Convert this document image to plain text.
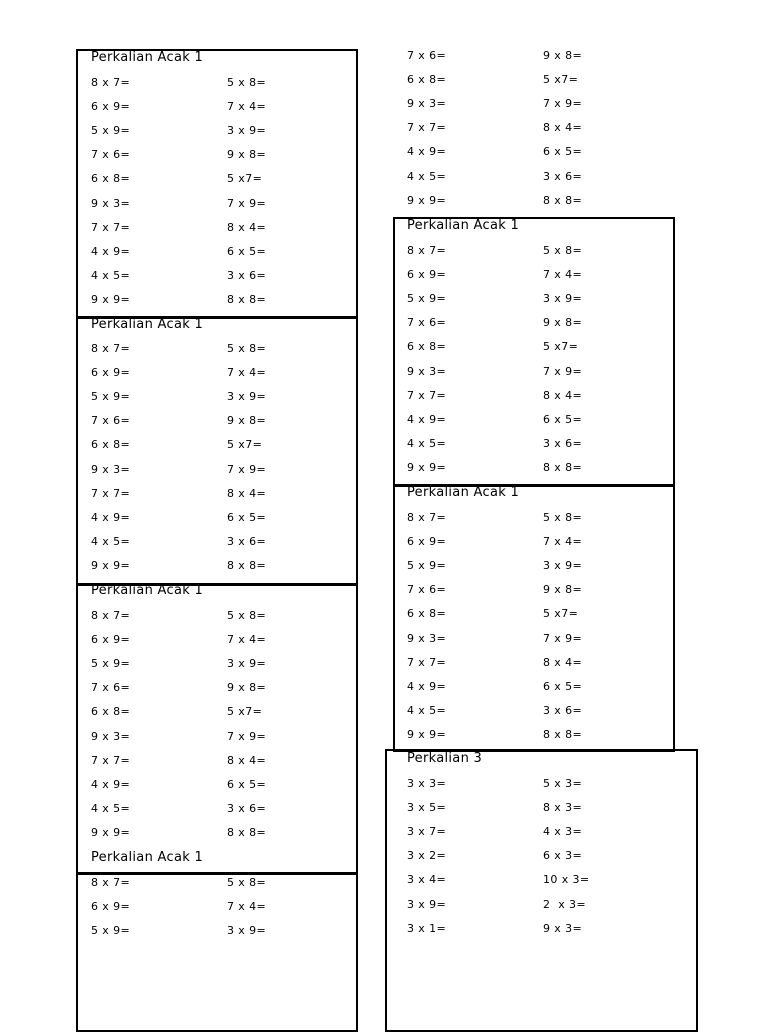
Perkalian Acak 1
8 x 7=	5 x 8=
6 x 9=	7 x 4=
5 x 9=	3 x 9=
7 x 6=	9 x 8=
6 x 8=	5 x7=
9 x 3=	7 x 9=
7 x 7=	8 x 4=
4 x 9=	6 x 5=
4 x 5=	3 x 6=
9 x 9=	8 x 8=
Perkalian Acak 1
8 x 7=	5 x 8=
6 x 9=	7 x 4=
5 x 9=	3 x 9=
7 x 6=	9 x 8=
6 x 8=	5 x7=
9 x 3=	7 x 9=
7 x 7=	8 x 4=
4 x 9=	6 x 5=
4 x 5=	3 x 6=
9 x 9=	8 x 8=
Perkalian Acak 1
8 x 7=	5 x 8=
6 x 9=	7 x 4=
5 x 9=	3 x 9=
7 x 6=	9 x 8=
6 x 8=	5 x7=
9 x 3=	7 x 9=
7 x 7=	8 x 4=
4 x 9=	6 x 5=
4 x 5=	3 x 6=
9 x 9=	8 x 8=
Perkalian Acak 1
8 x 7=	5 x 8=
6 x 9=	7 x 4=
5 x 9=	3 x 9=
7 x 6=	9 x 8=
6 x 8=	5 x7=
9 x 3=	7 x 9=
7 x 7=	8 x 4=
4 x 9=	6 x 5=
4 x 5=	3 x 6=
9 x 9=	8 x 8=
Perkalian Acak 1
8 x 7=	5 x 8=
6 x 9=	7 x 4=
5 x 9=	3 x 9=
7 x 6=	9 x 8=
6 x 8=	5 x7=
9 x 3=	7 x 9=
7 x 7=	8 x 4=
4 x 9=	6 x 5=
4 x 5=	3 x 6=
9 x 9=	8 x 8=
Perkalian Acak 1
8 x 7=	5 x 8=
6 x 9=	7 x 4=
5 x 9=	3 x 9=
7 x 6=	9 x 8=
6 x 8=	5 x7=
9 x 3=	7 x 9=
7 x 7=	8 x 4=
4 x 9=	6 x 5=
4 x 5=	3 x 6=
9 x 9=	8 x 8=
Perkalian 3
3 x 3=	5 x 3=
3 x 5=	8 x 3=
3 x 7=	4 x 3=
3 x 2=	6 x 3=
3 x 4=	10 x 3=
3 x 9=	2  x 3=
3 x 1=	9 x 3=
